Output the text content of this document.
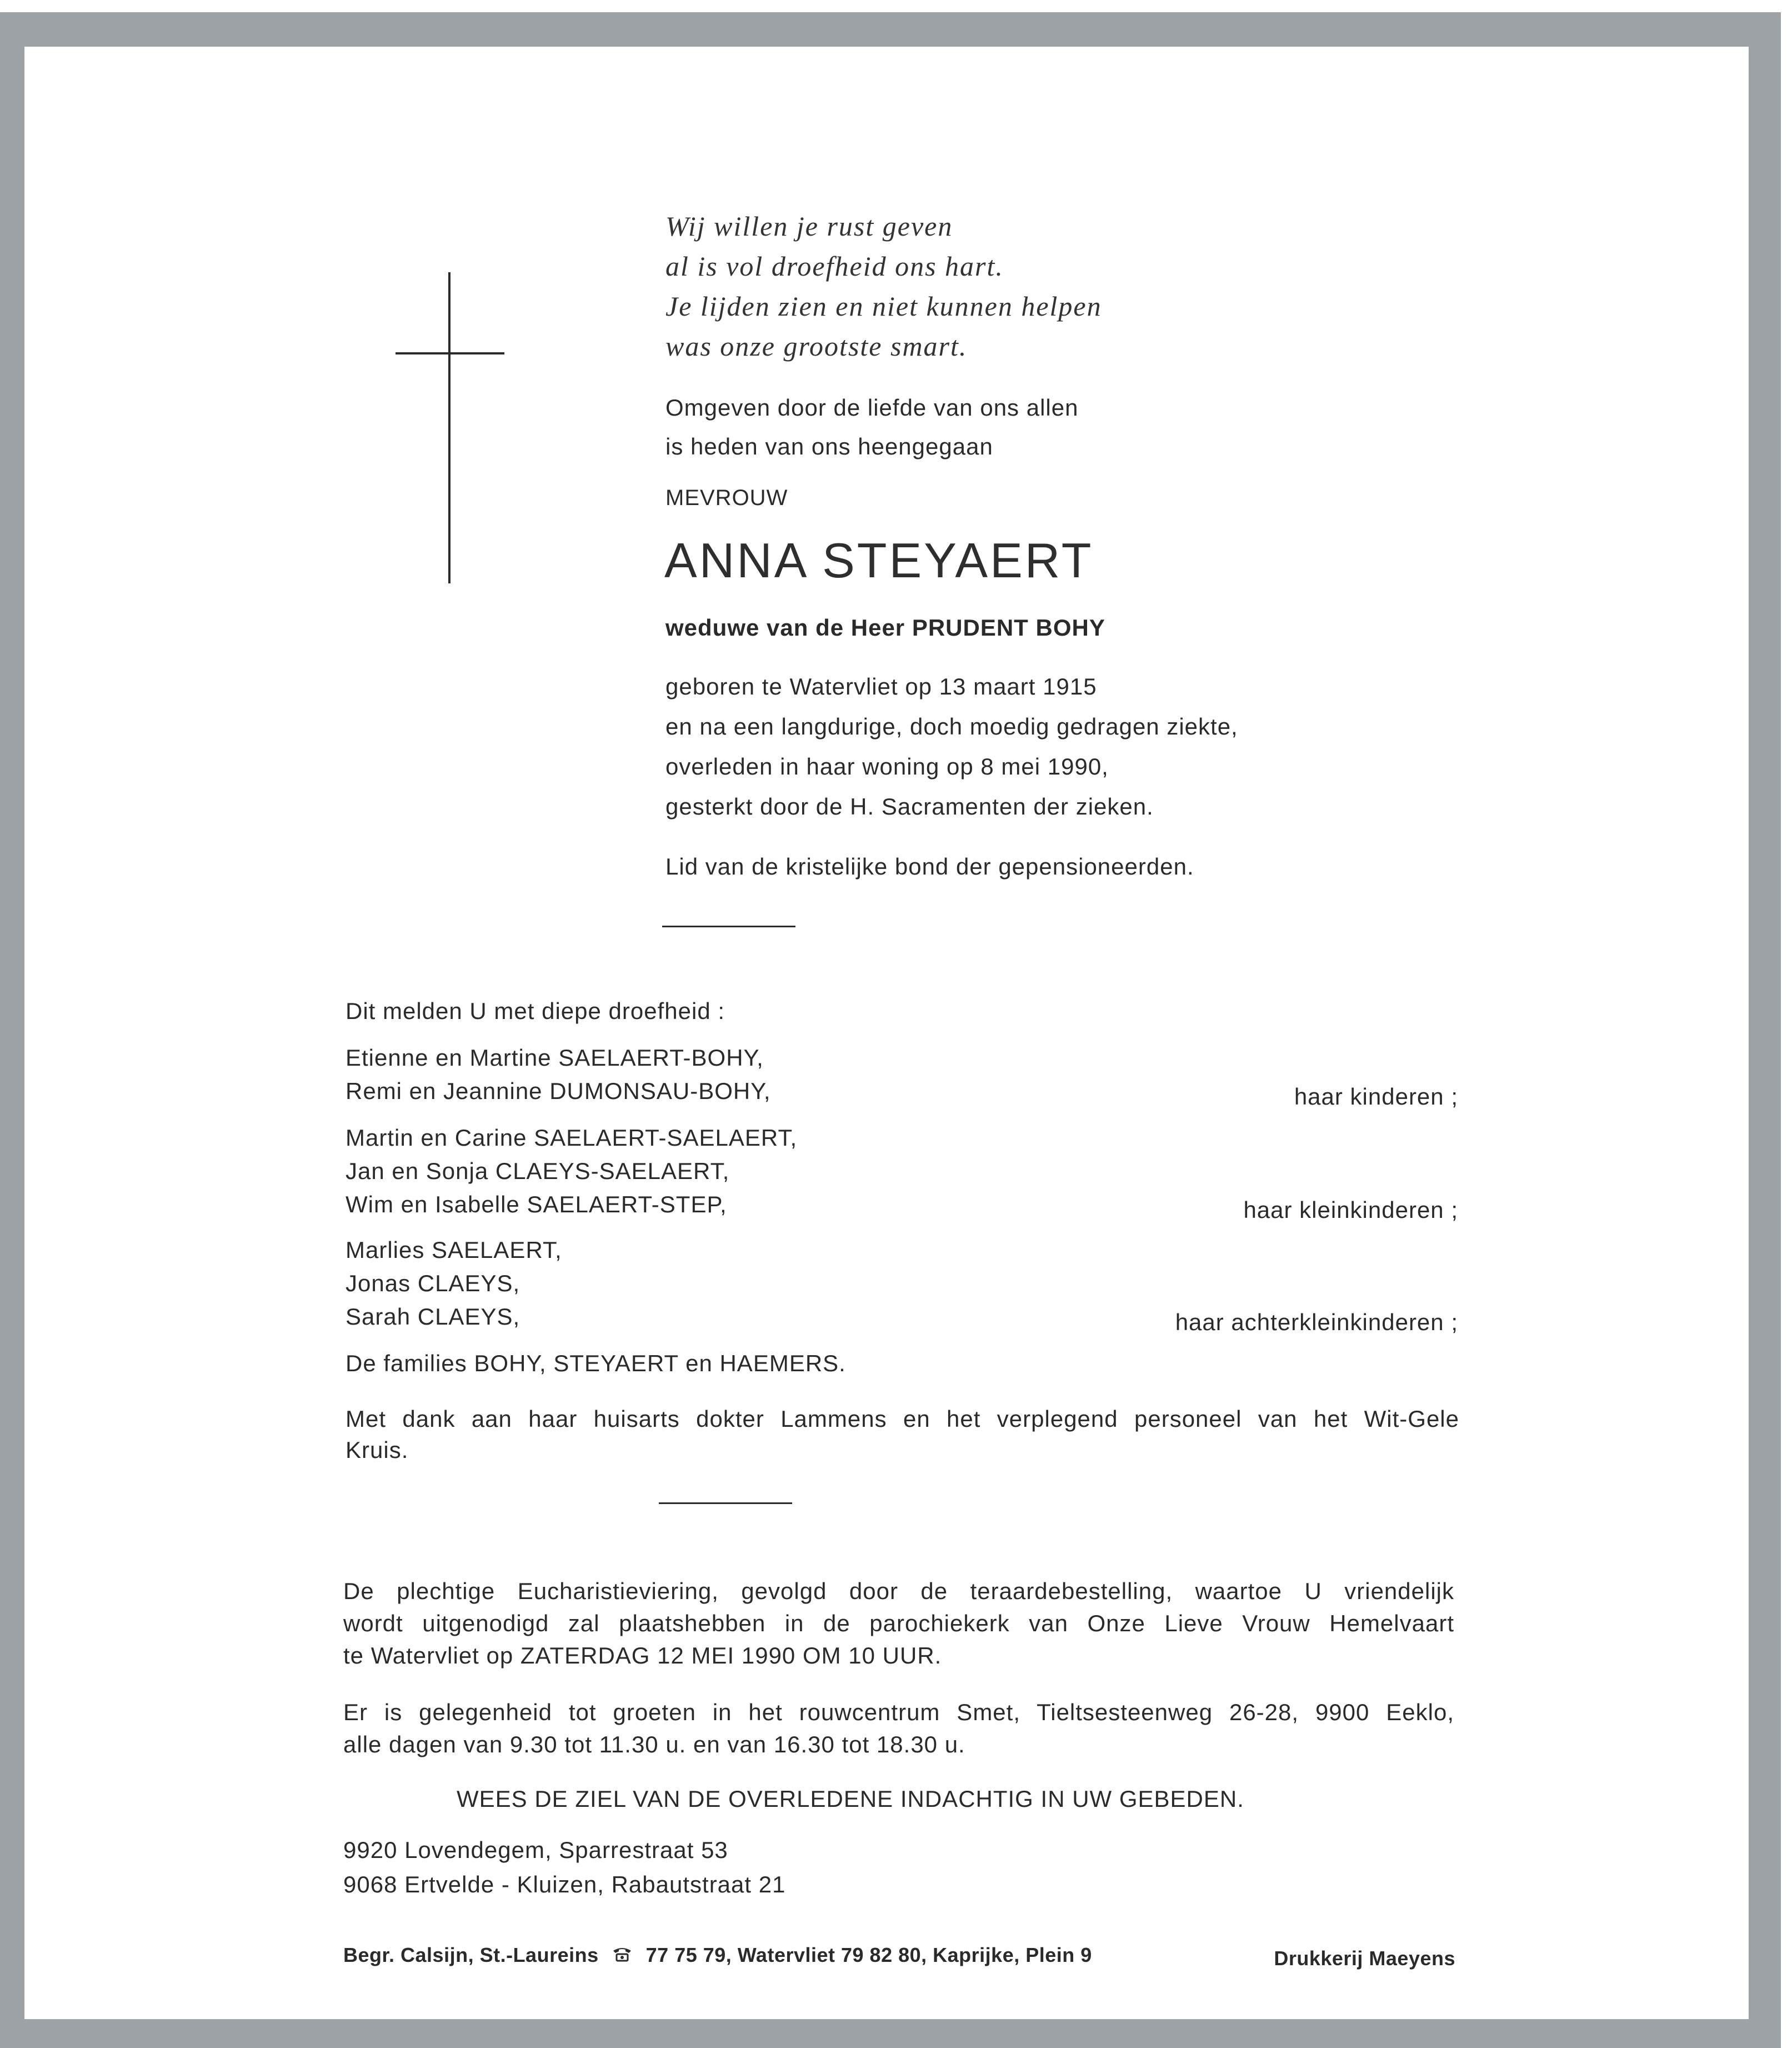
Wij willen je rust geven
al is vol droefheid ons hart.
Je lijden zien en niet kunnen helpen
was onze grootste smart.
Omgeven door de liefde van ons allen
is heden van ons heengegaan
MEVROUW
ANNA STEYAERT
weduwe van de Heer PRUDENT BOHY
geboren te Watervliet op 13 maart 1915
en na een langdurige, doch moedig gedragen ziekte,
overleden in haar woning op 8 mei 1990,
gesterkt door de H. Sacramenten der zieken.
Lid van de kristelijke bond der gepensioneerden.
Dit melden U met diepe droefheid :
Etienne en Martine SAELAERT-BOHY,
Remi en Jeannine DUMONSAU-BOHY,	haar kinderen ;
Martin en Carine SAELAERT-SAELAERT,
Jan en Sonja CLAEYS-SAELAERT,
Wim en Isabelle SAELAERT-STEP,	haar kleinkinderen ;
Marlies SAELAERT,
Jonas CLAEYS,
Sarah CLAEYS,	haar achterkleinkinderen ;
De families BOHY, STEYAERT en HAEMERS.
Met dank aan haar huisarts dokter Lammens en het verplegend personeel van het Wit-Gele
Kruis.
De plechtige Eucharistieviering, gevolgd door de teraardebestelling, waartoe U vriendelijk
wordt uitgenodigd zal plaatshebben in de parochiekerk van Onze Lieve Vrouw Hemelvaart
te Watervliet op ZATERDAG 12 MEI 1990 OM 10 UUR.
Er is gelegenheid tot groeten in het rouwcentrum Smet, Tieltsesteenweg 26-28, 9900 Eeklo,
alle dagen van 9.30 tot 11.30 u. en van 16.30 tot 18.30 u.
WEES DE ZIEL VAN DE OVERLEDENE INDACHTIG IN UW GEBEDEN.
9920 Lovendegem, Sparrestraat 53
9068 Ertvelde - Kluizen, Rabautstraat 21
Begr. Calsijn, St.-Laureins 77 75 79, Watervliet 79 82 80, Kaprijke, Plein 9	Drukkerij Maeyens
